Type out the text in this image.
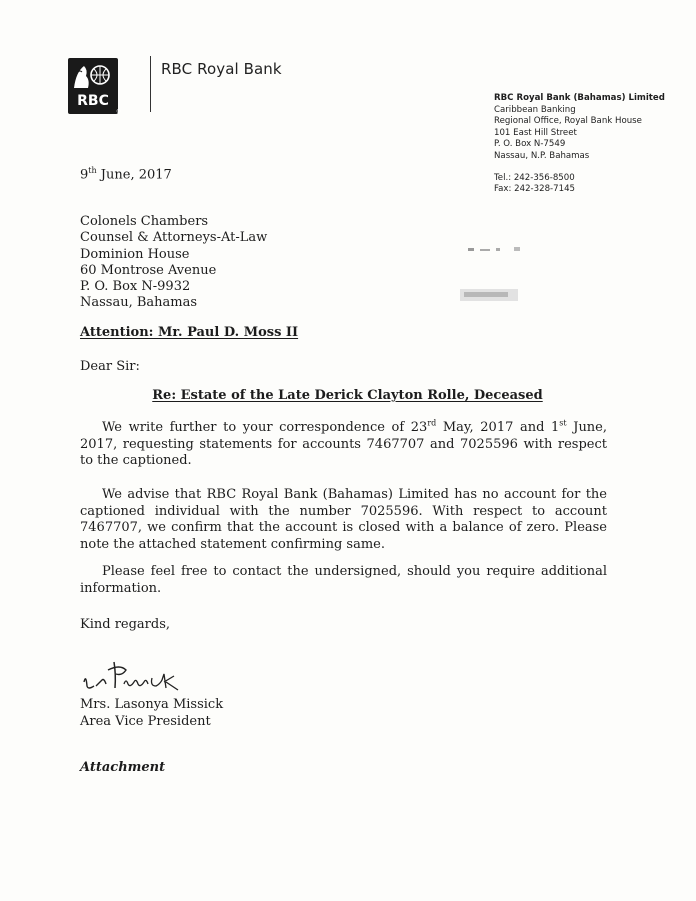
RBC
®
RBC Royal Bank
RBC Royal Bank (Bahamas) Limited
Caribbean Banking
Regional Office, Royal Bank House
101 East Hill Street
P. O. Box N-7549
Nassau, N.P. Bahamas
Tel.: 242-356-8500
Fax: 242-328-7145
9th June, 2017
Colonels Chambers
Counsel & Attorneys-At-Law
Dominion House
60 Montrose Avenue
P. O. Box N-9932
Nassau, Bahamas
Attention: Mr. Paul D. Moss II
Dear Sir:
Re: Estate of the Late Derick Clayton Rolle, Deceased
We write further to your correspondence of 23rd May, 2017 and 1st June, 2017, requesting statements for accounts 7467707 and 7025596 with respect to the captioned.
We advise that RBC Royal Bank (Bahamas) Limited has no account for the captioned individual with the number 7025596. With respect to account 7467707, we confirm that the account is closed with a balance of zero. Please note the attached statement confirming same.
Please feel free to contact the undersigned, should you require additional information.
Kind regards,
Mrs. Lasonya Missick
Area Vice President
Attachment
